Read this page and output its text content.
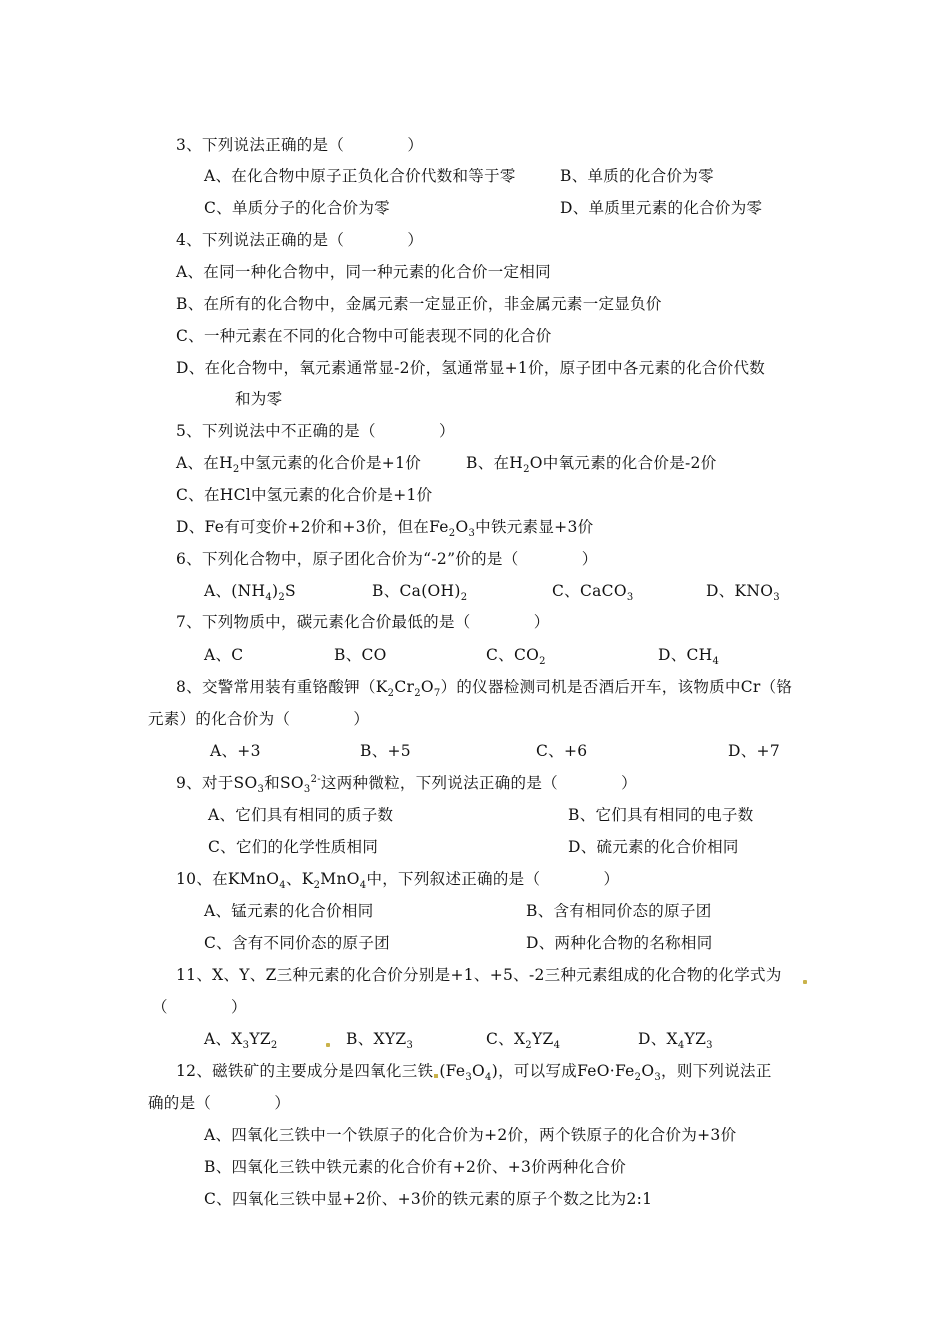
3、下列说法正确的是（　　　　）
A、在化合物中原子正负化合价代数和等于零	B、单质的化合价为零
C、单质分子的化合价为零	D、单质里元素的化合价为零
4、下列说法正确的是（　　　　）
A、在同一种化合物中，同一种元素的化合价一定相同
B、在所有的化合物中，金属元素一定显正价，非金属元素一定显负价
C、一种元素在不同的化合物中可能表现不同的化合价
D、在化合物中，氧元素通常显-2价，氢通常显+1价，原子团中各元素的化合价代数
和为零
5、下列说法中不正确的是（　　　　）
A、在$H_2$中氢元素的化合价是+1价	B、在$H_2O$中氧元素的化合价是-2价
C、在HCl中氢元素的化合价是+1价
D、Fe有可变价+2价和+3价，但在$Fe_2O_3$中铁元素显+3价
6、下列化合物中，原子团化合价为“-2”价的是（　　　　）
A、$(NH_4)_2S$	B、$Ca(OH)_2$	C、CaCO$_3$	D、$KNO_3$
7、下列物质中，碳元素化合价最低的是（　　　　）
A、C	B、CO	C、$CO_2$	D、$CH_4$
8、交警常用装有重铬酸钾$(K_2Cr_2O_7)$的仪器检测司机是否酒后开车，该物质中Cr（铬
元素）的化合价为（　　　　）
A、+3	B、+5	C、+6	D、+7
9、对于$SO_3$和$SO_3^{2-}$这两种微粒，下列说法正确的是（　　　　）
A、它们具有相同的质子数	B、它们具有相同的电子数
C、它们的化学性质相同	D、硫元素的化合价相同
10、在KMnO$_4$、$K_2MnO_4$中，下列叙述正确的是（　　　　）
A、锰元素的化合价相同	B、含有相同价态的原子团
C、含有不同价态的原子团	D、两种化合物的名称相同
11、X、Y、Z三种元素的化合价分别是+1、+5、-2三种元素组成的化合物的化学式为
（　　　　）
A、$X_3YZ_2$	B、$XYZ_3$	C、$X_2YZ_4$	D、$X_4YZ_3$
12、磁铁矿的主要成分是四氧化三铁 $(Fe_3O_4)$，可以写成$FeO\cdot Fe_2O_3$，则下列说法正
确的是（　　　　）
A、四氧化三铁中一个铁原子的化合价为+2价，两个铁原子的化合价为+3价
B、四氧化三铁中铁元素的化合价有+2价、+3价两种化合价
C、四氧化三铁中显+2价、+3价的铁元素的原子个数之比为2:1
